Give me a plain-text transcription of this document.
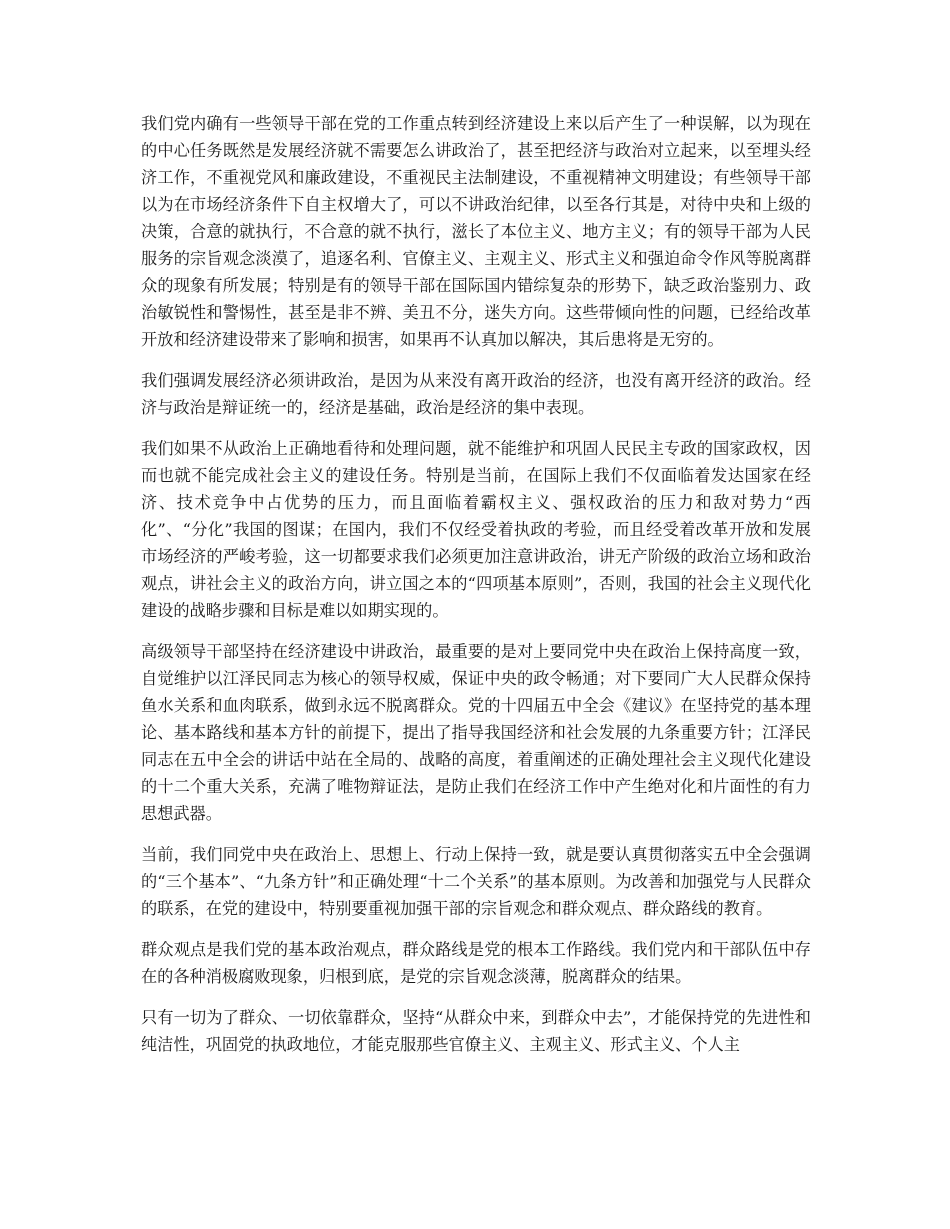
我们党内确有一些领导干部在党的工作重点转到经济建设上来以后产生了一种误解，以为现在的中心任务既然是发展经济就不需要怎么讲政治了，甚至把经济与政治对立起来，以至埋头经济工作，不重视党风和廉政建设，不重视民主法制建设，不重视精神文明建设；有些领导干部以为在市场经济条件下自主权增大了，可以不讲政治纪律，以至各行其是，对待中央和上级的决策，合意的就执行，不合意的就不执行，滋长了本位主义、地方主义；有的领导干部为人民服务的宗旨观念淡漠了，追逐名利、官僚主义、主观主义、形式主义和强迫命令作风等脱离群众的现象有所发展；特别是有的领导干部在国际国内错综复杂的形势下，缺乏政治鉴别力、政治敏锐性和警惕性，甚至是非不辨、美丑不分，迷失方向。这些带倾向性的问题，已经给改革开放和经济建设带来了影响和损害，如果再不认真加以解决，其后患将是无穷的。

我们强调发展经济必须讲政治，是因为从来没有离开政治的经济，也没有离开经济的政治。经济与政治是辩证统一的，经济是基础，政治是经济的集中表现。

我们如果不从政治上正确地看待和处理问题，就不能维护和巩固人民民主专政的国家政权，因而也就不能完成社会主义的建设任务。特别是当前，在国际上我们不仅面临着发达国家在经济、技术竞争中占优势的压力，而且面临着霸权主义、强权政治的压力和敌对势力“西化”、“分化”我国的图谋；在国内，我们不仅经受着执政的考验，而且经受着改革开放和发展市场经济的严峻考验，这一切都要求我们必须更加注意讲政治，讲无产阶级的政治立场和政治观点，讲社会主义的政治方向，讲立国之本的“四项基本原则”，否则，我国的社会主义现代化建设的战略步骤和目标是难以如期实现的。

高级领导干部坚持在经济建设中讲政治，最重要的是对上要同党中央在政治上保持高度一致，自觉维护以江泽民同志为核心的领导权威，保证中央的政令畅通；对下要同广大人民群众保持鱼水关系和血肉联系，做到永远不脱离群众。党的十四届五中全会《建议》在坚持党的基本理论、基本路线和基本方针的前提下，提出了指导我国经济和社会发展的九条重要方针；江泽民同志在五中全会的讲话中站在全局的、战略的高度，着重阐述的正确处理社会主义现代化建设的十二个重大关系，充满了唯物辩证法，是防止我们在经济工作中产生绝对化和片面性的有力思想武器。

当前，我们同党中央在政治上、思想上、行动上保持一致，就是要认真贯彻落实五中全会强调的“三个基本”、“九条方针”和正确处理“十二个关系”的基本原则。为改善和加强党与人民群众的联系，在党的建设中，特别要重视加强干部的宗旨观念和群众观点、群众路线的教育。

群众观点是我们党的基本政治观点，群众路线是党的根本工作路线。我们党内和干部队伍中存在的各种消极腐败现象，归根到底，是党的宗旨观念淡薄，脱离群众的结果。

只有一切为了群众、一切依靠群众，坚持“从群众中来，到群众中去”，才能保持党的先进性和纯洁性，巩固党的执政地位，才能克服那些官僚主义、主观主义、形式主义、个人主
